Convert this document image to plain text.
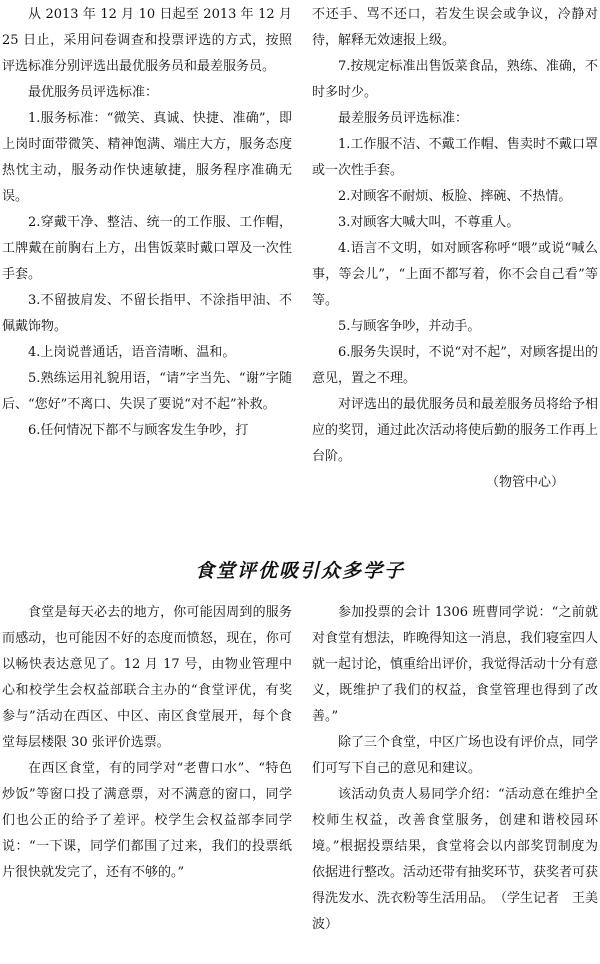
从 2013 年 12 月 10 日起至 2013 年 12 月 25 日止，采用问卷调查和投票评选的方式，按照评选标准分别评选出最优服务员和最差服务员。

最优服务员评选标准：

1.服务标准：“微笑、真诚、快捷、准确”，即上岗时面带微笑、精神饱满、端庄大方，服务态度热忱主动，服务动作快速敏捷，服务程序准确无误。

2.穿戴干净、整洁、统一的工作服、工作帽，工牌戴在前胸右上方，出售饭菜时戴口罩及一次性手套。

3.不留披肩发、不留长指甲、不涂指甲油、不佩戴饰物。

4.上岗说普通话，语音清晰、温和。

5.熟练运用礼貌用语，“请”字当先、“谢”字随后、“您好”不离口、失误了要说“对不起”补救。

6.任何情况下都不与顾客发生争吵，打

不还手、骂不还口，若发生误会或争议，冷静对待，解释无效速报上级。

7.按规定标准出售饭菜食品，熟练、准确，不时多时少。

最差服务员评选标准：

1.工作服不洁、不戴工作帽、售卖时不戴口罩或一次性手套。

2.对顾客不耐烦、板脸、摔碗、不热情。

3.对顾客大喊大叫，不尊重人。

4.语言不文明，如对顾客称呼“喂”或说“喊么事，等会儿”，“上面不都写着，你不会自己看”等等。

5.与顾客争吵，并动手。

6.服务失误时，不说“对不起”，对顾客提出的意见，置之不理。

对评选出的最优服务员和最差服务员将给予相应的奖罚，通过此次活动将使后勤的服务工作再上台阶。

（物管中心）

食堂评优吸引众多学子

食堂是每天必去的地方，你可能因周到的服务而感动，也可能因不好的态度而愤怒，现在，你可以畅快表达意见了。12 月 17 号，由物业管理中心和校学生会权益部联合主办的“食堂评优，有奖参与”活动在西区、中区、南区食堂展开，每个食堂每层楼限 30 张评价选票。

在西区食堂，有的同学对“老曹口水”、“特色炒饭”等窗口投了满意票，对不满意的窗口，同学们也公正的给予了差评。校学生会权益部李同学说：“一下课，同学们都围了过来，我们的投票纸片很快就发完了，还有不够的。”

参加投票的会计 1306 班曹同学说：“之前就对食堂有想法，昨晚得知这一消息，我们寝室四人就一起讨论，慎重给出评价，我觉得活动十分有意义，既维护了我们的权益，食堂管理也得到了改善。”

除了三个食堂，中区广场也设有评价点，同学们可写下自己的意见和建议。

该活动负责人易同学介绍：“活动意在维护全校师生权益，改善食堂服务，创建和谐校园环境。”根据投票结果，食堂将会以内部奖罚制度为依据进行整改。活动还带有抽奖环节，获奖者可获得洗发水、洗衣粉等生活用品。　（学生记者　王美波）
